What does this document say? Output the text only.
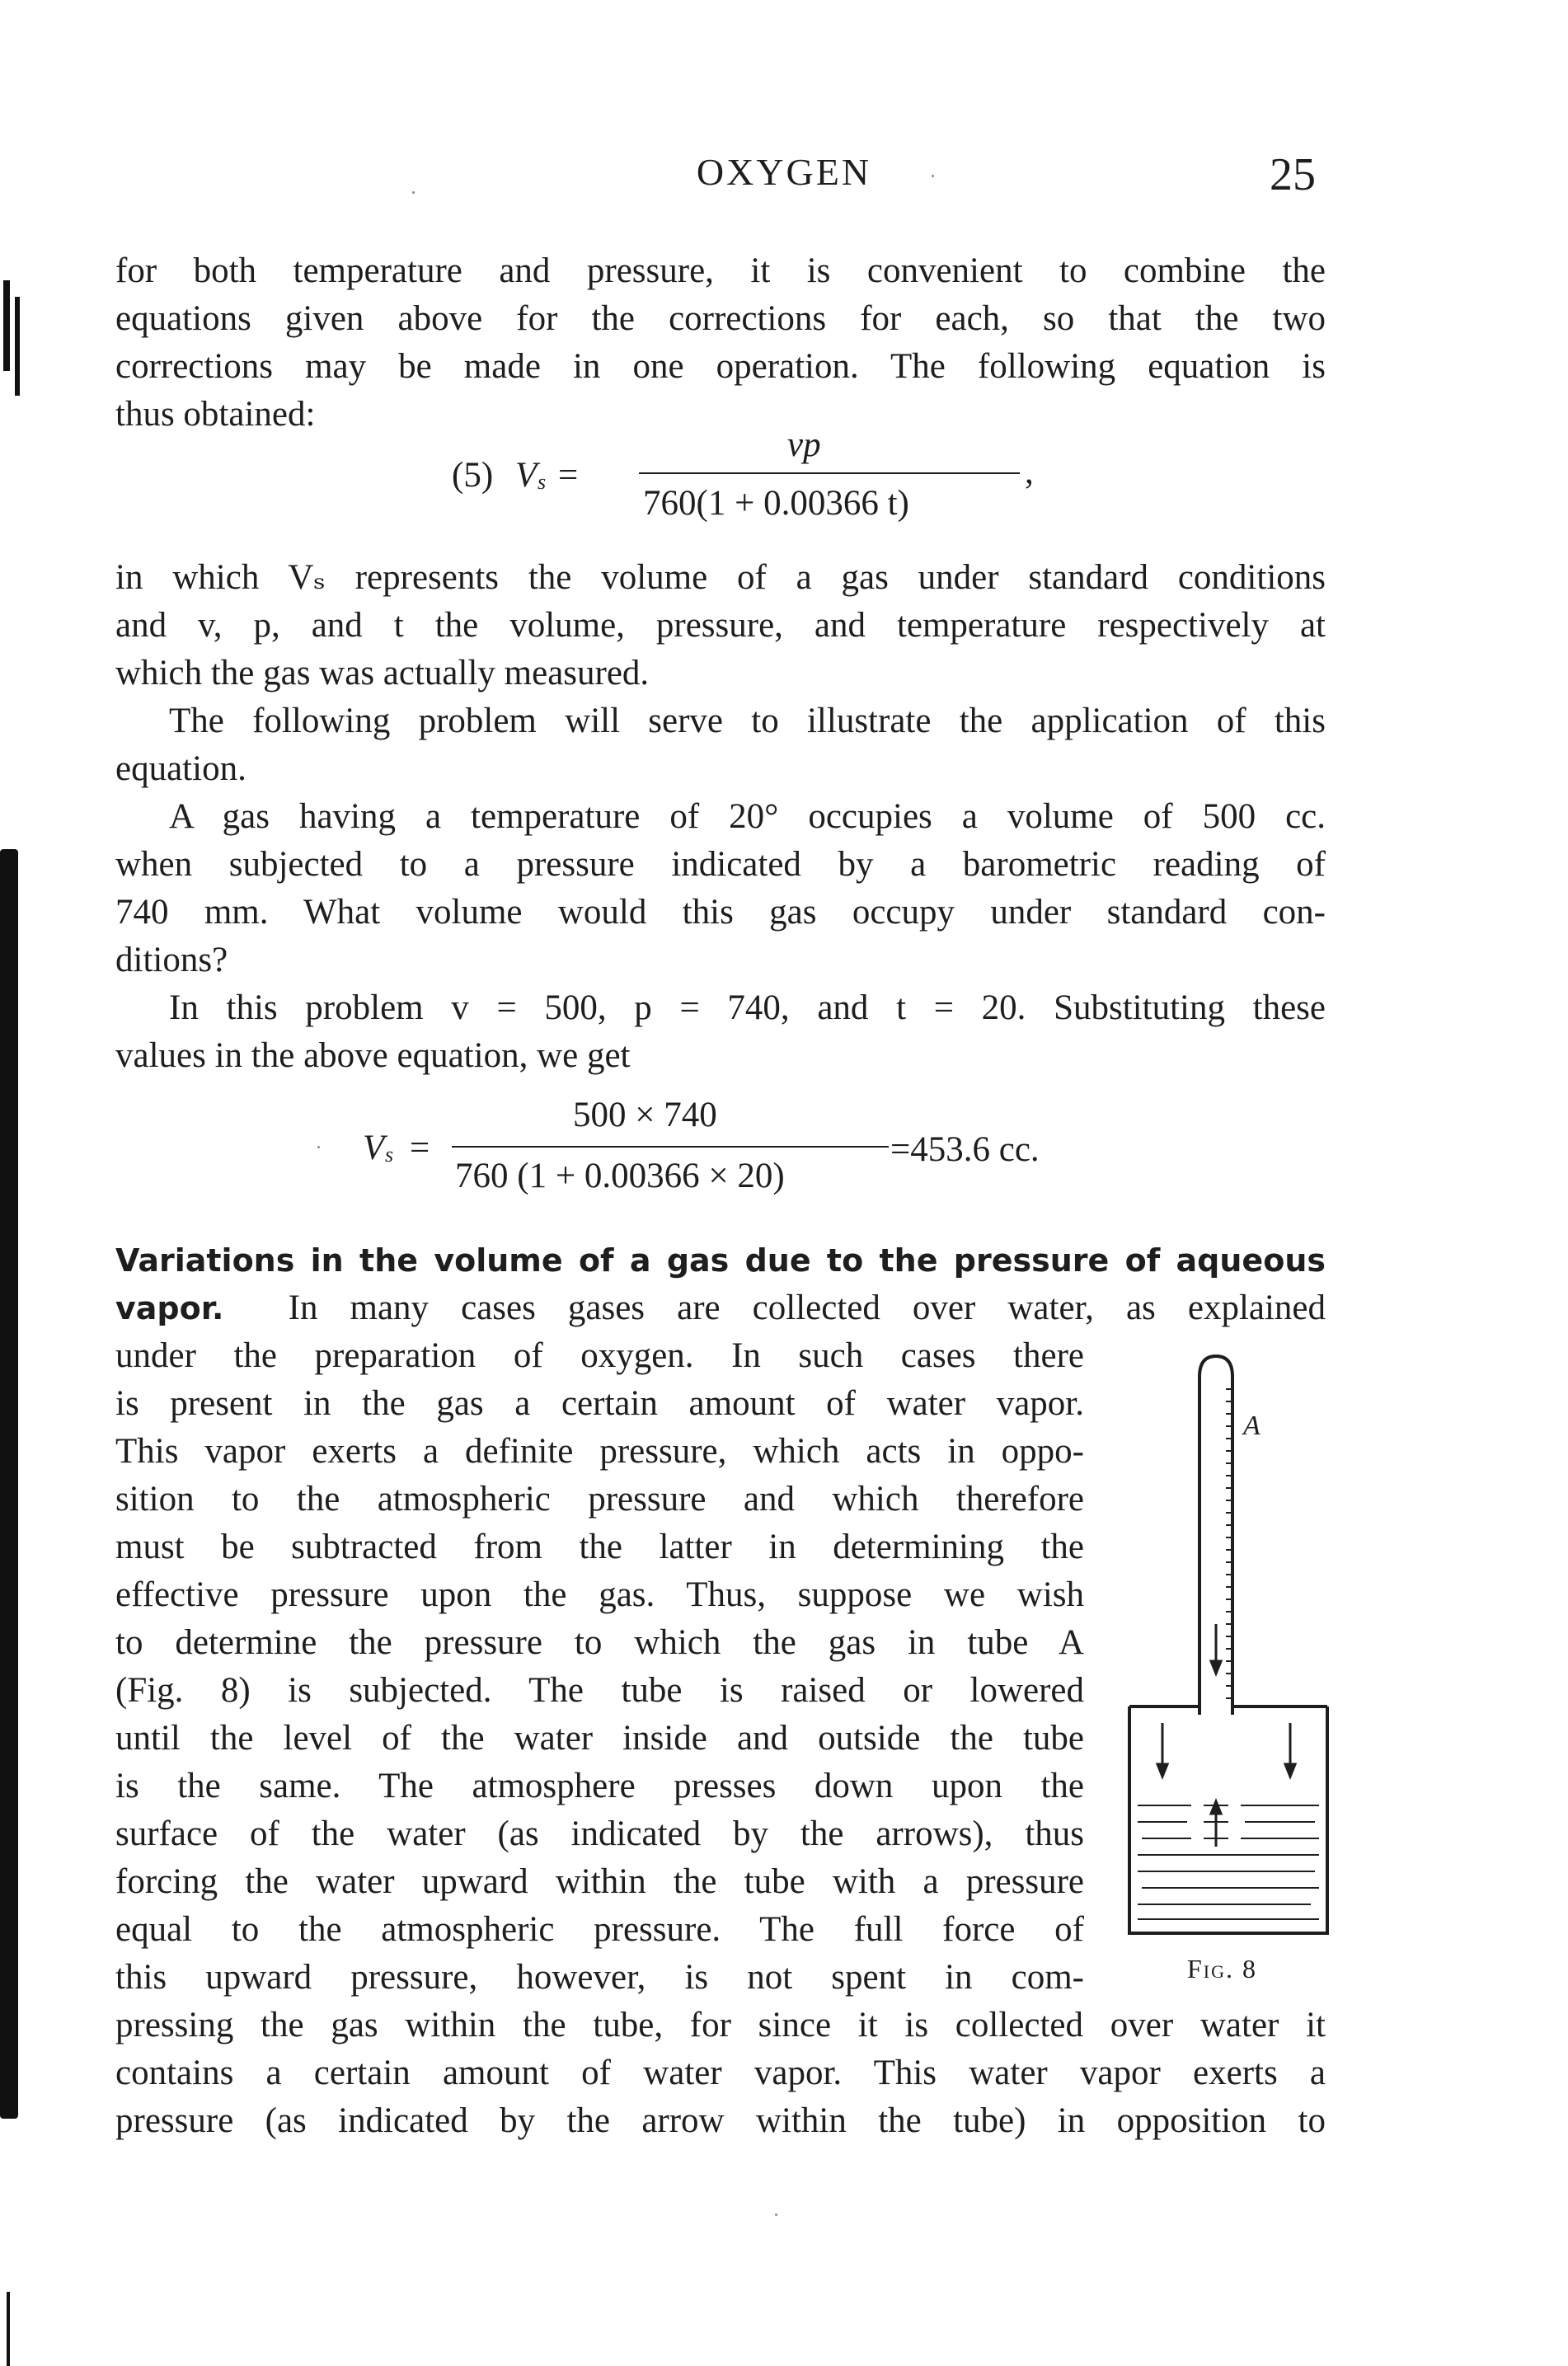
OXYGEN	25
for both temperature and pressure, it is convenient to combine the
equations given above for the corrections for each, so that the two
corrections may be made in one operation. The following equation is
thus obtained:
(5) V s =
vp
760(1 + 0.00366 t)
,
in which Vₛ represents the volume of a gas under standard conditions
and v, p, and t the volume, pressure, and temperature respectively at
which the gas was actually measured.
The following problem will serve to illustrate the application of this
equation.
A gas having a temperature of 20° occupies a volume of 500 cc.
when subjected to a pressure indicated by a barometric reading of
740 mm. What volume would this gas occupy under standard con-
ditions?
In this problem v = 500, p = 740, and t = 20. Substituting these
values in the above equation, we get
V s =
500 × 740
760 (1 + 0.00366 × 20)
=453.6 cc.
Variations in the volume of a gas due to the pressure of aqueous
vapor. In many cases gases are collected over water, as explained
under the preparation of oxygen. In such cases there
is present in the gas a certain amount of water vapor.
This vapor exerts a definite pressure, which acts in oppo-
sition to the atmospheric pressure and which therefore
must be subtracted from the latter in determining the
effective pressure upon the gas. Thus, suppose we wish
to determine the pressure to which the gas in tube A
(Fig. 8) is subjected. The tube is raised or lowered
until the level of the water inside and outside the tube
is the same. The atmosphere presses down upon the
surface of the water (as indicated by the arrows), thus
forcing the water upward within the tube with a pressure
equal to the atmospheric pressure. The full force of
this upward pressure, however, is not spent in com-
pressing the gas within the tube, for since it is collected over water it
contains a certain amount of water vapor. This water vapor exerts a
pressure (as indicated by the arrow within the tube) in opposition to
A
Fig. 8
